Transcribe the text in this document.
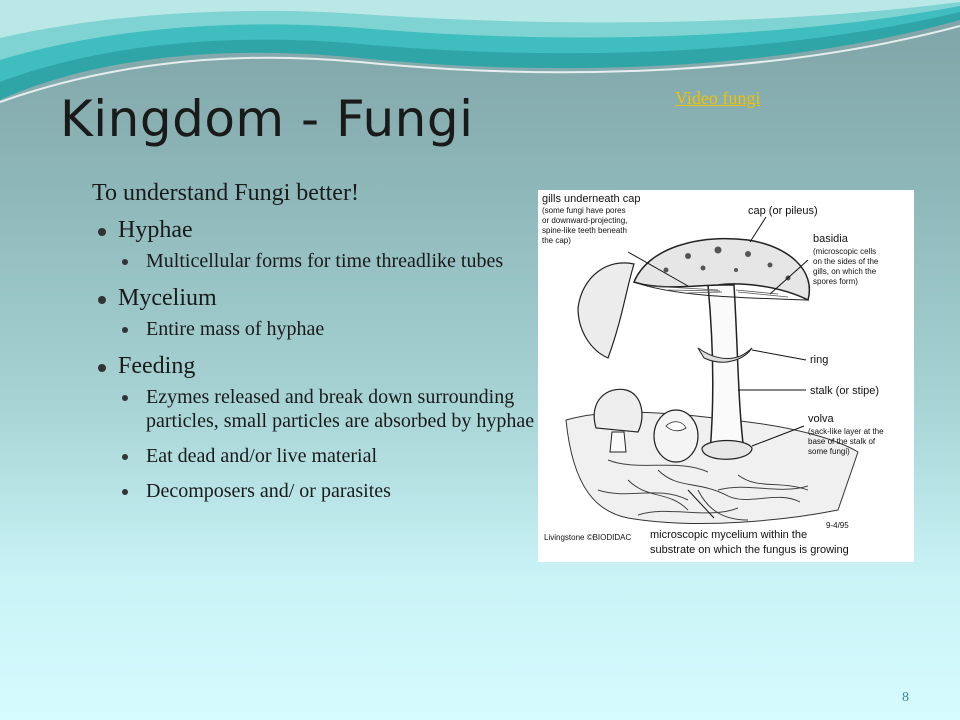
Kingdom - Fungi	Video fungi
To understand Fungi better!
Hyphae
Multicellular forms for time threadlike tubes
Mycelium
Entire mass of hyphae
Feeding
Ezymes released and break down surrounding particles, small particles are absorbed by hyphae
Eat dead and/or live material
Decomposers and/ or parasites
gills underneath cap
(some fungi have pores
or downward-projecting,
spine-like teeth beneath
the cap)
cap (or pileus)
basidia
(microscopic cells
on the sides of the
gills, on which the
spores form)
ring
stalk (or stipe)
volva
(sack-like layer at the
base of the stalk of
some fungi)
Livingstone ©BIODIDAC
9-4/95
microscopic mycelium within the
substrate on which the fungus is growing
8
